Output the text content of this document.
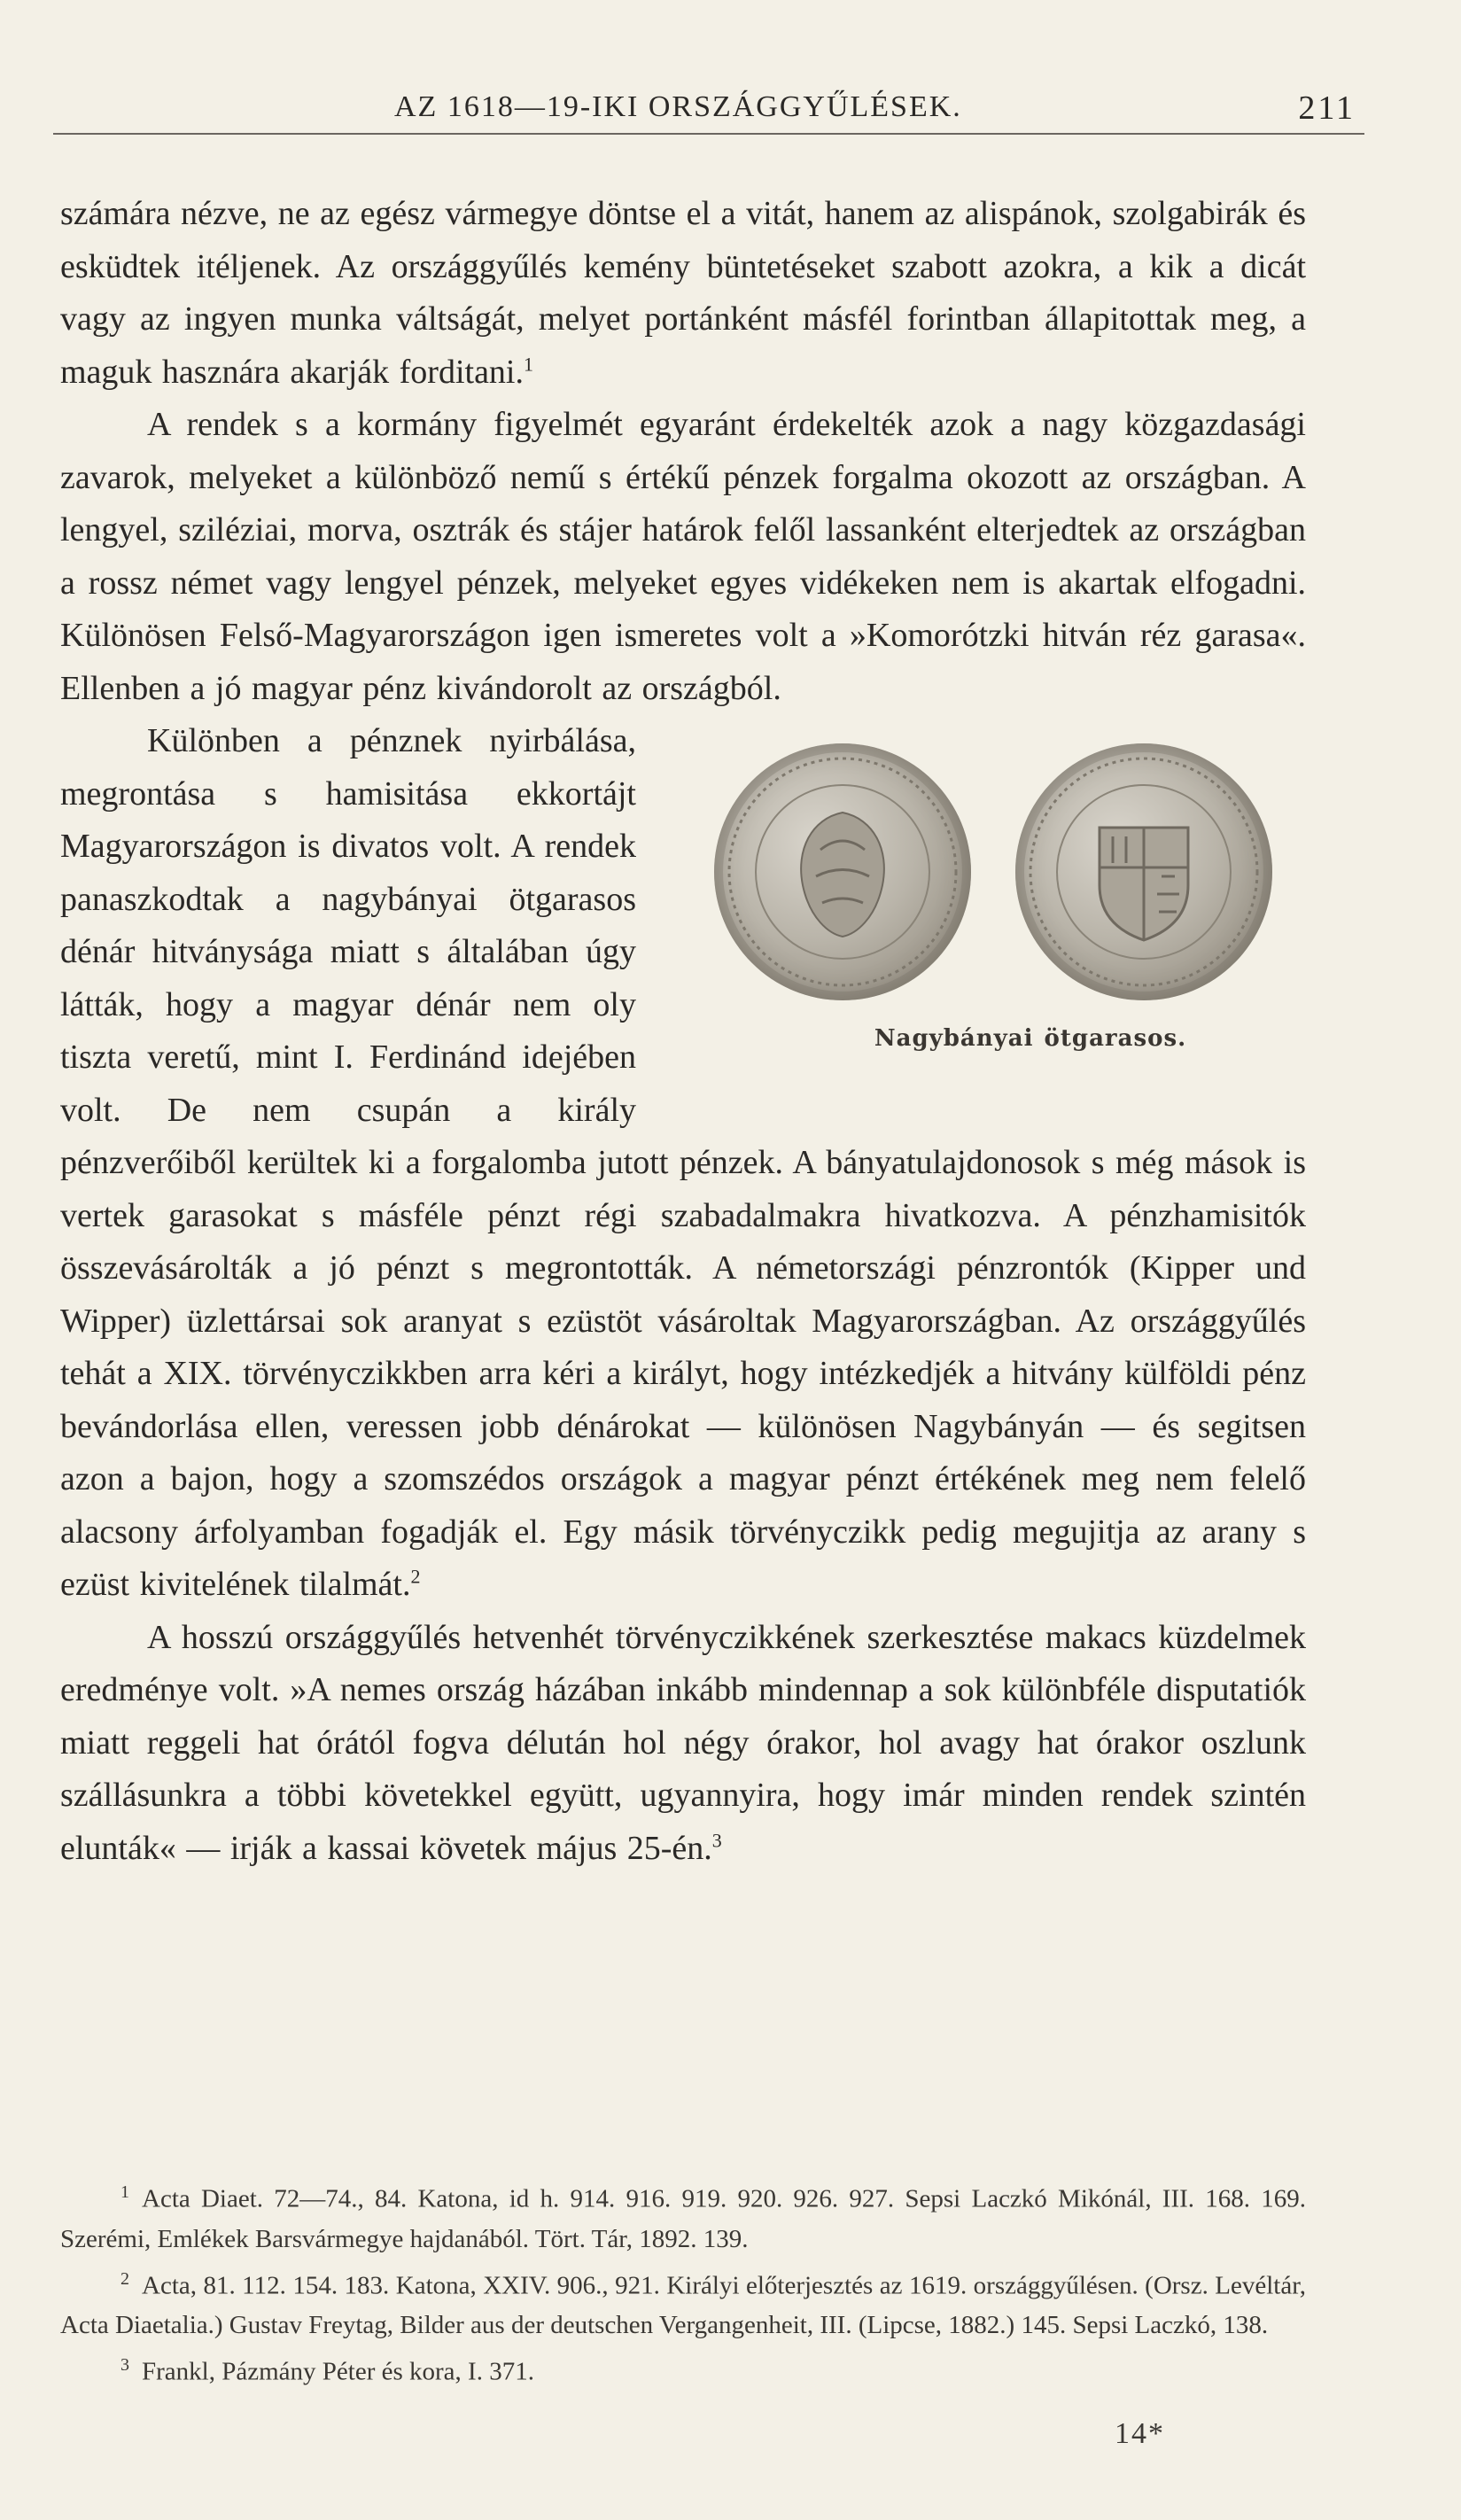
AZ 1618—19-IKI ORSZÁGGYŰLÉSEK.	211

számára nézve, ne az egész vármegye döntse el a vitát, hanem az alispánok, szolgabirák és esküdtek itéljenek. Az országgyűlés kemény büntetéseket szabott azokra, a kik a dicát vagy az ingyen munka váltságát, melyet portánként másfél forintban állapitottak meg, a maguk hasznára akarják forditani.$^1$

A rendek s a kormány figyelmét egyaránt érdekelték azok a nagy közgazdasági zavarok, melyeket a különböző nemű s értékű pénzek forgalma okozott az országban. A lengyel, sziléziai, morva, osztrák és stájer határok felől lassanként elterjedtek az országban a rossz német vagy lengyel pénzek, melyeket egyes vidékeken nem is akartak elfogadni. Különösen Felső-Magyarországon igen ismeretes volt a »Komorótzki hitván réz garasa«. Ellenben a jó magyar pénz kivándorolt az országból.

Nagybányai ötgarasos.
Különben a pénznek nyirbálása, megrontása s hamisitása ekkortájt Magyarországon is divatos volt. A rendek panaszkodtak a nagybányai ötgarasos dénár hitványsága miatt s általában úgy látták, hogy a magyar dénár nem oly tiszta veretű, mint I. Ferdinánd idejében volt. De nem csupán a király pénzverőiből kerültek ki a forgalomba jutott pénzek. A bányatulajdonosok s még mások is vertek garasokat s másféle pénzt régi szabadalmakra hivatkozva. A pénzhamisitók összevásárolták a jó pénzt s megrontották. A németországi pénzrontók (Kipper und Wipper) üzlettársai sok aranyat s ezüstöt vásároltak Magyarországban. Az országgyűlés tehát a XIX. törvényczikkben arra kéri a királyt, hogy intézkedjék a hitvány külföldi pénz bevándorlása ellen, veressen jobb dénárokat — különösen Nagybányán — és segitsen azon a bajon, hogy a szomszédos országok a magyar pénzt értékének meg nem felelő alacsony árfolyamban fogadják el. Egy másik törvényczikk pedig megujitja az arany s ezüst kivitelének tilalmát.$^2$

A hosszú országgyűlés hetvenhét törvényczikkének szerkesztése makacs küzdelmek eredménye volt. »A nemes ország házában inkább mindennap a sok különbféle disputatiók miatt reggeli hat órától fogva délután hol négy órakor, hol avagy hat órakor oszlunk szállásunkra a többi követekkel együtt, ugyannyira, hogy imár minden rendek szintén elunták« — irják a kassai követek május 25-én.$^3$

$^1$ Acta Diaet. 72—74., 84. Katona, id h. 914. 916. 919. 920. 926. 927. Sepsi Laczkó Mikónál, III. 168. 169. Szerémi, Emlékek Barsvármegye hajdanából. Tört. Tár, 1892. 139.

$^2$ Acta, 81. 112. 154. 183. Katona, XXIV. 906., 921. Királyi előterjesztés az 1619. országgyűlésen. (Orsz. Levéltár, Acta Diaetalia.) Gustav Freytag, Bilder aus der deutschen Vergangenheit, III. (Lipcse, 1882.) 145. Sepsi Laczkó, 138.

$^3$ Frankl, Pázmány Péter és kora, I. 371.

14*
